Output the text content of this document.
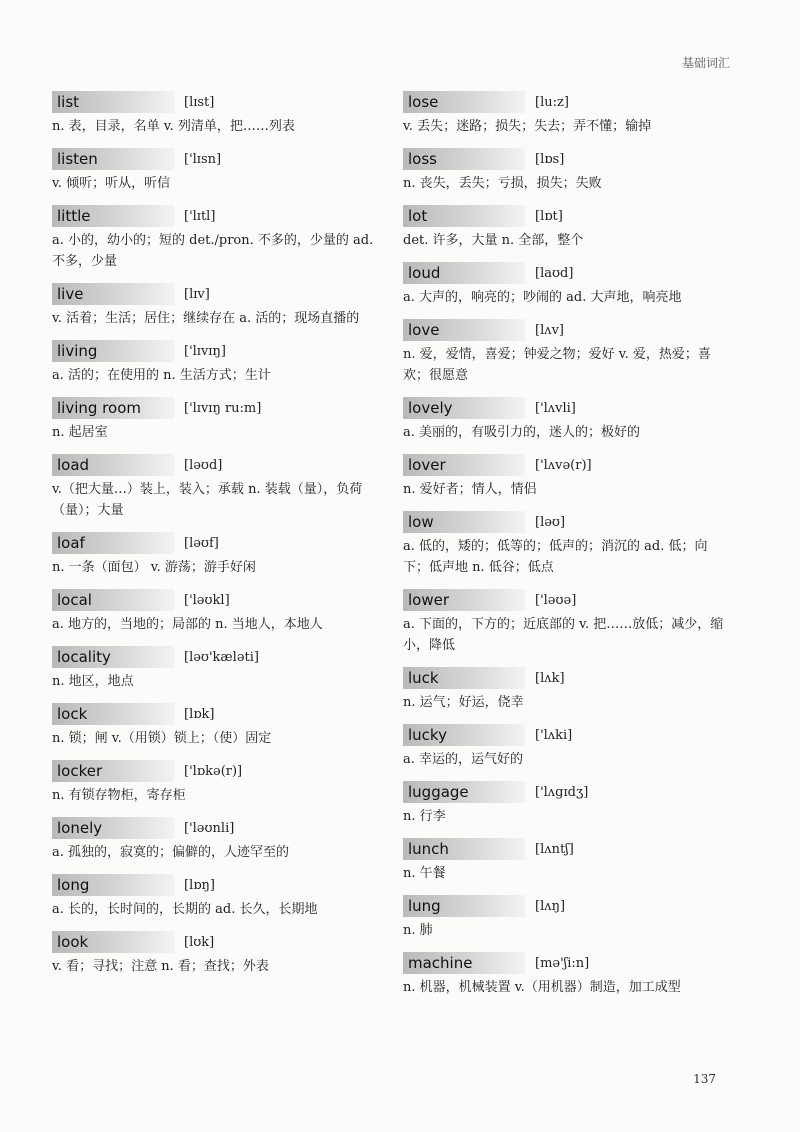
基础词汇
list	[lɪst]
n. 表，目录，名单 v. 列清单，把……列表
listen	['lɪsn]
v. 倾听；听从，听信
little	['lɪtl]
a. 小的，幼小的；短的 det./pron. 不多的，少量的 ad. 不多，少量
live	[lɪv]
v. 活着；生活；居住；继续存在 a. 活的；现场直播的
living	['lɪvɪŋ]
a. 活的；在使用的 n. 生活方式；生计
living room	['lɪvɪŋ ru:m]
n. 起居室
load	[ləʊd]
v.（把大量…）装上，装入；承载 n. 装载（量），负荷（量）；大量
loaf	[ləʊf]
n. 一条（面包） v. 游荡；游手好闲
local	['ləʊkl]
a. 地方的，当地的；局部的 n. 当地人，本地人
locality	[ləʊ'kæləti]
n. 地区，地点
lock	[lɒk]
n. 锁；闸 v.（用锁）锁上；（使）固定
locker	['lɒkə(r)]
n. 有锁存物柜，寄存柜
lonely	['ləʊnli]
a. 孤独的，寂寞的；偏僻的，人迹罕至的
long	[lɒŋ]
a. 长的，长时间的，长期的 ad. 长久，长期地
look	[lʊk]
v. 看；寻找；注意 n. 看；查找；外表
lose	[lu:z]
v. 丢失；迷路；损失；失去；弄不懂；输掉
loss	[lɒs]
n. 丧失，丢失；亏损，损失；失败
lot	[lɒt]
det. 许多，大量 n. 全部，整个
loud	[laʊd]
a. 大声的，响亮的；吵闹的 ad. 大声地，响亮地
love	[lʌv]
n. 爱，爱情，喜爱；钟爱之物；爱好 v. 爱，热爱；喜欢；很愿意
lovely	['lʌvli]
a. 美丽的，有吸引力的，迷人的；极好的
lover	['lʌvə(r)]
n. 爱好者；情人，情侣
low	[ləʊ]
a. 低的，矮的；低等的；低声的；消沉的 ad. 低；向下；低声地 n. 低谷；低点
lower	['ləʊə]
a. 下面的，下方的；近底部的 v. 把……放低；减少，缩小，降低
luck	[lʌk]
n. 运气；好运，侥幸
lucky	['lʌki]
a. 幸运的，运气好的
luggage	['lʌgɪdʒ]
n. 行李
lunch	[lʌntʃ]
n. 午餐
lung	[lʌŋ]
n. 肺
machine	[mə'ʃi:n]
n. 机器，机械装置 v.（用机器）制造，加工成型
137
